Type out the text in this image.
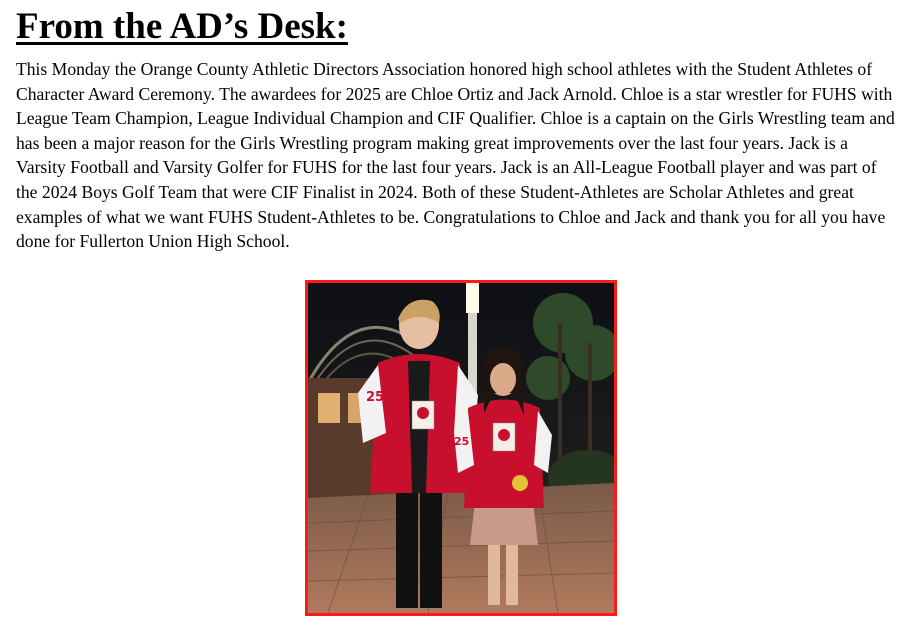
From the AD’s Desk:

This Monday the Orange County Athletic Directors Association honored high school athletes with the Student Athletes of Character Award Ceremony. The awardees for 2025 are Chloe Ortiz and Jack Arnold. Chloe is a star wrestler for FUHS with League Team Champion, League Individual Champion and CIF Qualifier. Chloe is a captain on the Girls Wrestling team and has been a major reason for the Girls Wrestling program making great improvements over the last four years. Jack is a Varsity Football and Varsity Golfer for FUHS for the last four years. Jack is an All-League Football player and was part of the 2024 Boys Golf Team that were CIF Finalist in 2024. Both of these Student-Athletes are Scholar Athletes and great examples of what we want FUHS Student-Athletes to be. Congratulations to Chloe and Jack and thank you for all you have done for Fullerton Union High School.

25
25
